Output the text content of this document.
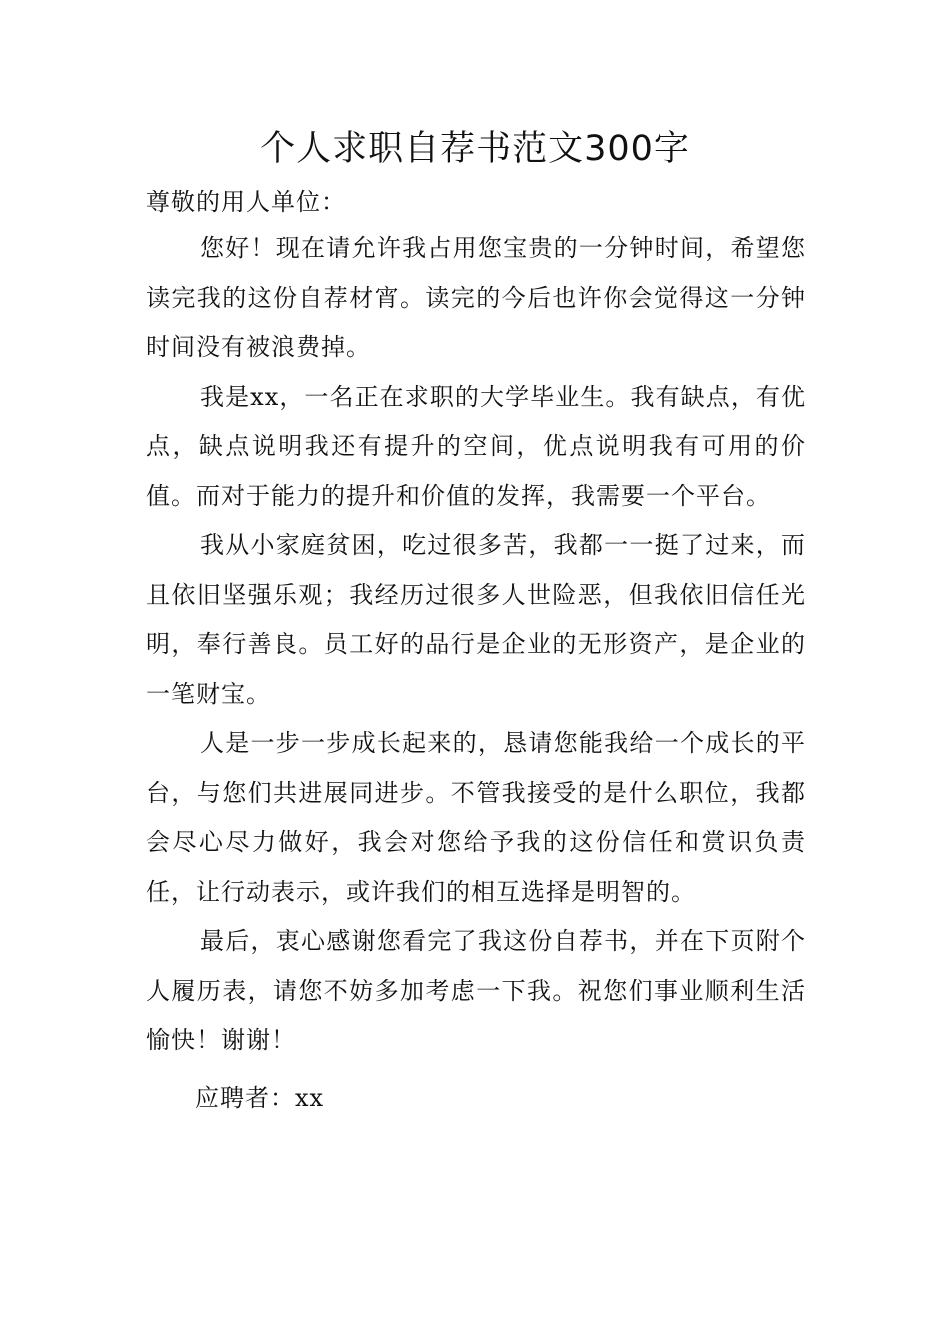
个人求职自荐书范文300字
尊敬的用人单位：

您好！现在请允许我占用您宝贵的一分钟时间，希望您读完我的这份自荐材宵。读完的今后也许你会觉得这一分钟时间没有被浪费掉。

我是xx，一名正在求职的大学毕业生。我有缺点，有优点，缺点说明我还有提升的空间，优点说明我有可用的价值。而对于能力的提升和价值的发挥，我需要一个平台。

我从小家庭贫困，吃过很多苦，我都一一挺了过来，而且依旧坚强乐观；我经历过很多人世险恶，但我依旧信任光明，奉行善良。员工好的品行是企业的无形资产，是企业的一笔财宝。

人是一步一步成长起来的，恳请您能我给一个成长的平台，与您们共进展同进步。不管我接受的是什么职位，我都会尽心尽力做好，我会对您给予我的这份信任和赏识负责任，让行动表示，或许我们的相互选择是明智的。

最后，衷心感谢您看完了我这份自荐书，并在下页附个人履历表，请您不妨多加考虑一下我。祝您们事业顺利生活愉快！谢谢！

应聘者：xx
